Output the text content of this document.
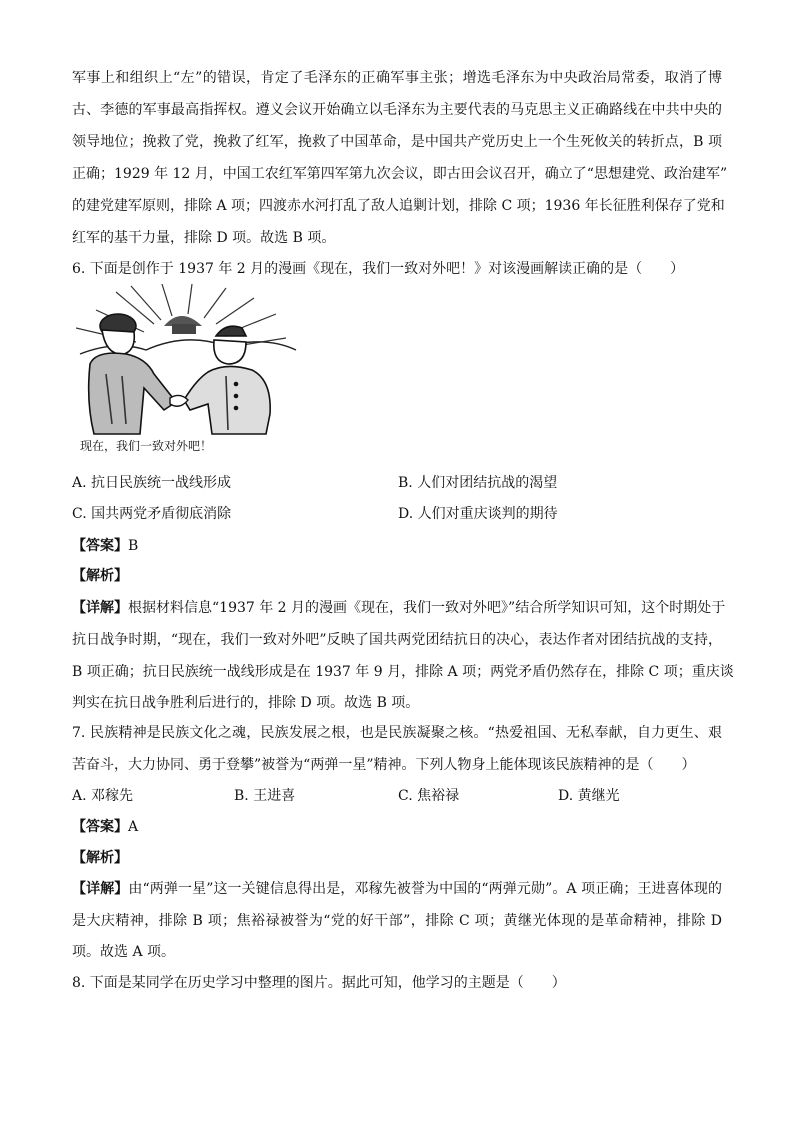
军事上和组织上“左”的错误，肯定了毛泽东的正确军事主张；增选毛泽东为中央政治局常委，取消了博
古、李德的军事最高指挥权。遵义会议开始确立以毛泽东为主要代表的马克思主义正确路线在中共中央的
领导地位；挽救了党，挽救了红军，挽救了中国革命，是中国共产党历史上一个生死攸关的转折点，B 项
正确；1929 年 12 月，中国工农红军第四军第九次会议，即古田会议召开，确立了“思想建党、政治建军”
的建党建军原则，排除 A 项；四渡赤水河打乱了敌人追剿计划，排除 C 项；1936 年长征胜利保存了党和
红军的基干力量，排除 D 项。故选 B 项。
6. 下面是创作于 1937 年 2 月的漫画《现在，我们一致对外吧！》对该漫画解读正确的是（　　）
现在，我们一致对外吧！
A. 抗日民族统一战线形成	B. 人们对团结抗战的渴望
C. 国共两党矛盾彻底消除	D. 人们对重庆谈判的期待
【答案】B
【解析】
【详解】根据材料信息“1937 年 2 月的漫画《现在，我们一致对外吧》”结合所学知识可知，这个时期处于
抗日战争时期，“现在，我们一致对外吧”反映了国共两党团结抗日的决心，表达作者对团结抗战的支持，
B 项正确；抗日民族统一战线形成是在 1937 年 9 月，排除 A 项；两党矛盾仍然存在，排除 C 项；重庆谈
判实在抗日战争胜利后进行的，排除 D 项。故选 B 项。
7. 民族精神是民族文化之魂，民族发展之根，也是民族凝聚之核。“热爱祖国、无私奉献，自力更生、艰
苦奋斗，大力协同、勇于登攀”被誉为“两弹一星”精神。下列人物身上能体现该民族精神的是（　　）
A. 邓稼先	B. 王进喜	C. 焦裕禄	D. 黄继光
【答案】A
【解析】
【详解】由“两弹一星”这一关键信息得出是，邓稼先被誉为中国的“两弹元勋”。A 项正确；王进喜体现的
是大庆精神，排除 B 项；焦裕禄被誉为“党的好干部”，排除 C 项；黄继光体现的是革命精神，排除 D
项。故选 A 项。
8. 下面是某同学在历史学习中整理的图片。据此可知，他学习的主题是（　　）
